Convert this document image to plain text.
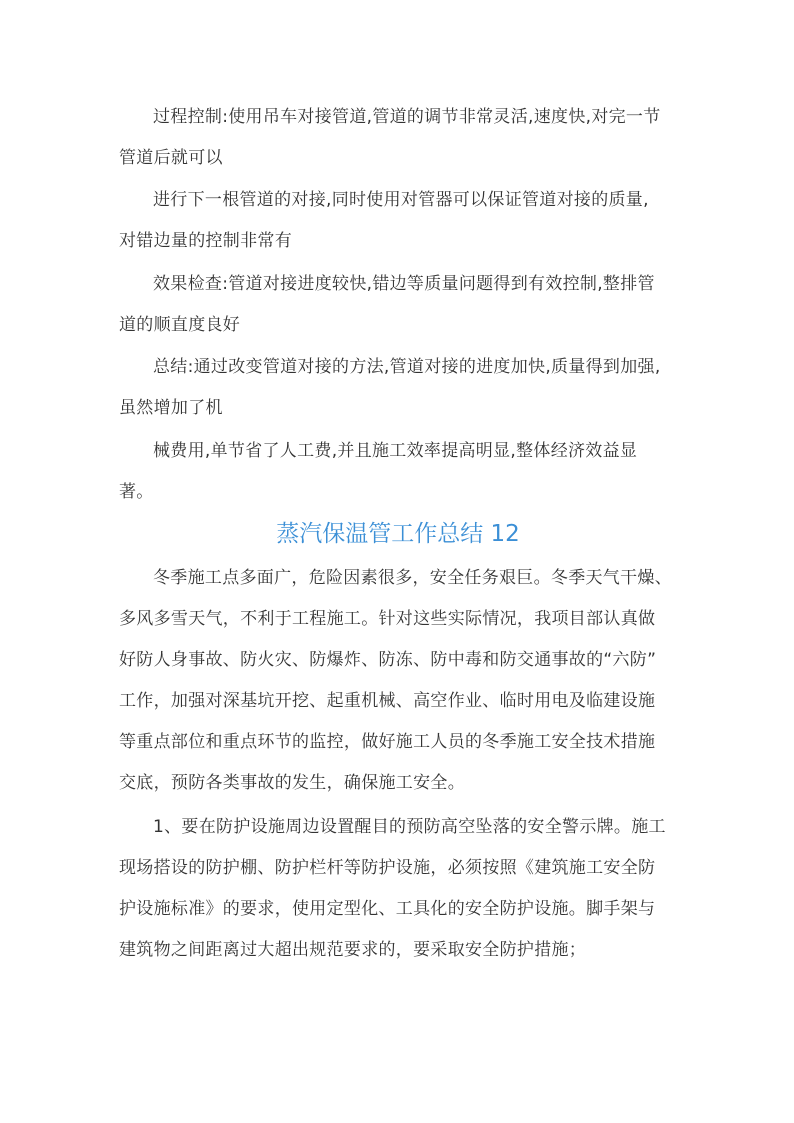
过程控制:使用吊车对接管道,管道的调节非常灵活,速度快,对完一节
管道后就可以

进行下一根管道的对接,同时使用对管器可以保证管道对接的质量,
对错边量的控制非常有

效果检查:管道对接进度较快,错边等质量问题得到有效控制,整排管
道的顺直度良好

总结:通过改变管道对接的方法,管道对接的进度加快,质量得到加强,
虽然增加了机

械费用,单节省了人工费,并且施工效率提高明显,整体经济效益显
著。

蒸汽保温管工作总结 12

冬季施工点多面广，危险因素很多，安全任务艰巨。冬季天气干燥、
多风多雪天气，不利于工程施工。针对这些实际情况，我项目部认真做
好防人身事故、防火灾、防爆炸、防冻、防中毒和防交通事故的“六防”
工作，加强对深基坑开挖、起重机械、高空作业、临时用电及临建设施
等重点部位和重点环节的监控，做好施工人员的冬季施工安全技术措施
交底，预防各类事故的发生，确保施工安全。

1、要在防护设施周边设置醒目的预防高空坠落的安全警示牌。施工
现场搭设的防护棚、防护栏杆等防护设施，必须按照《建筑施工安全防
护设施标准》的要求，使用定型化、工具化的安全防护设施。脚手架与
建筑物之间距离过大超出规范要求的，要采取安全防护措施；
